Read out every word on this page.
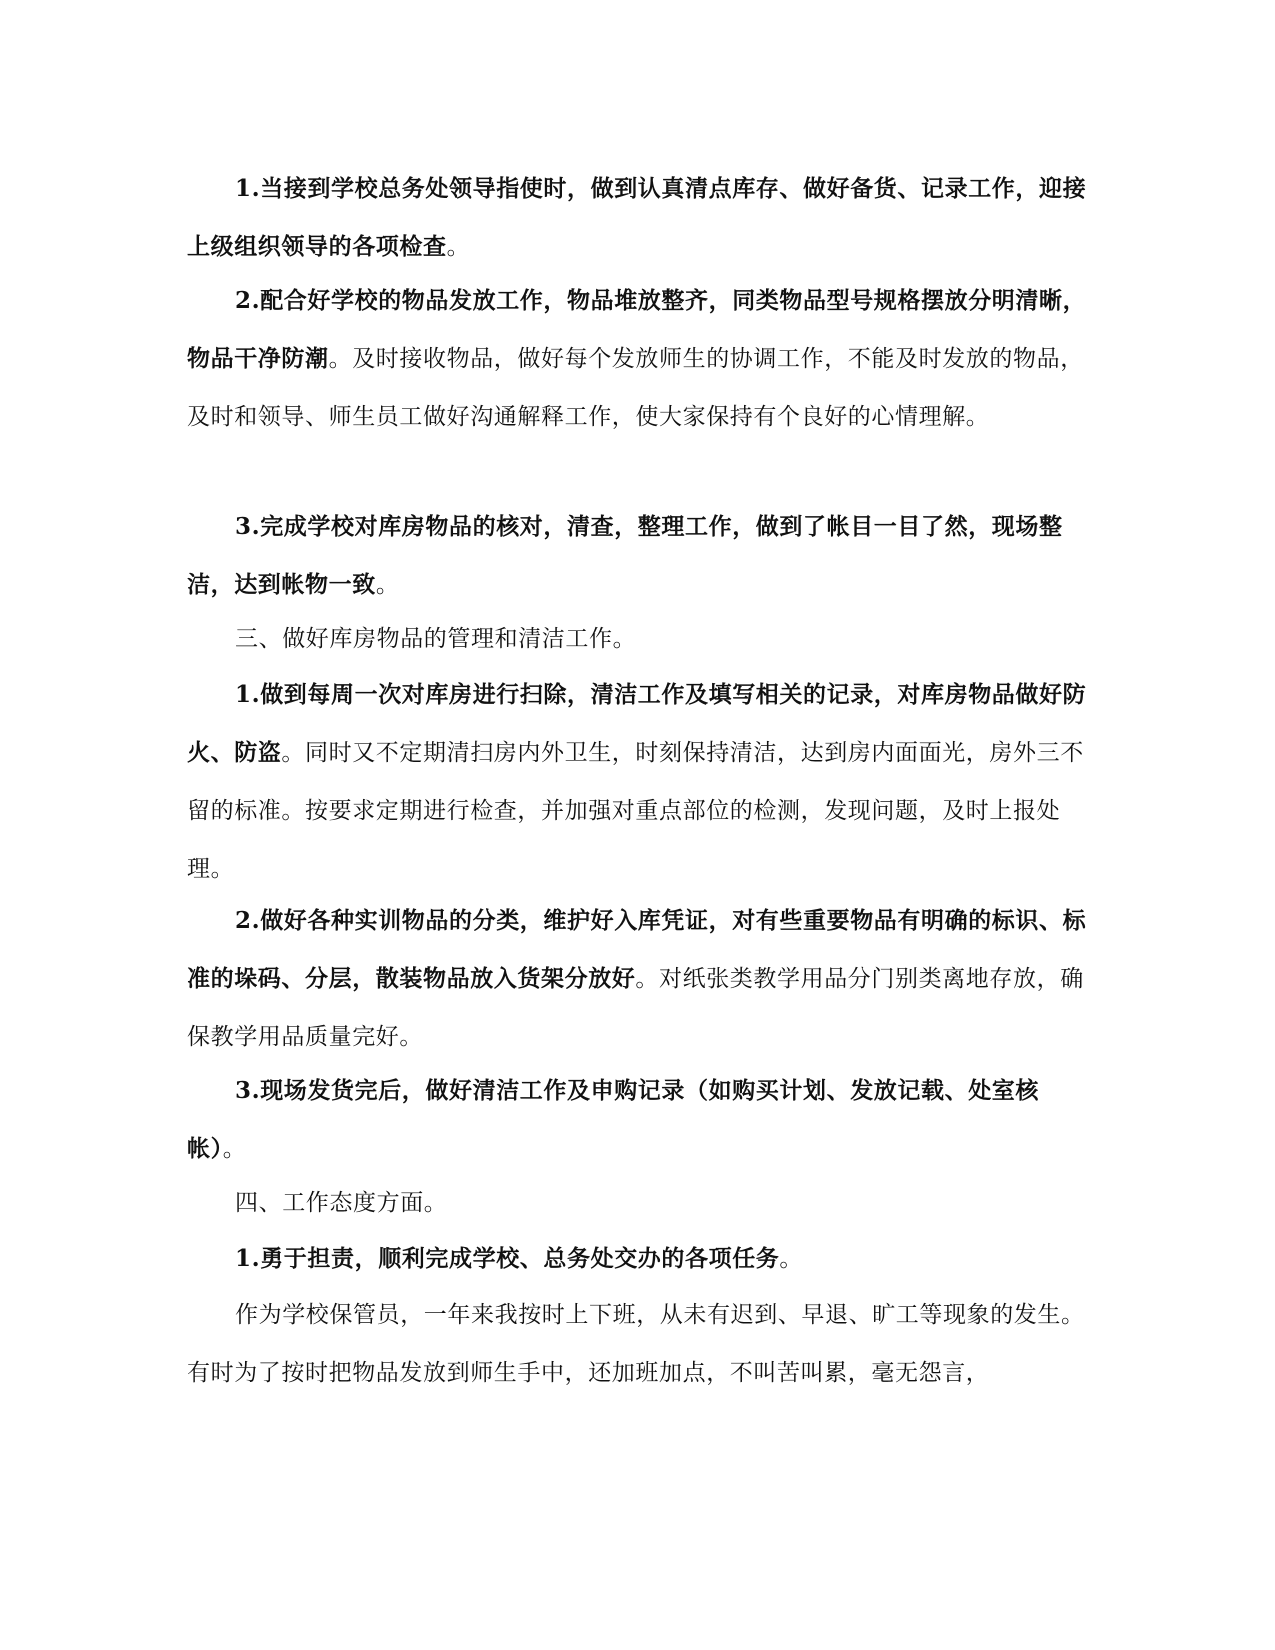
1.当接到学校总务处领导指使时，做到认真清点库存、做好备货、记录工作，迎接上级组织领导的各项检查。

2.配合好学校的物品发放工作，物品堆放整齐，同类物品型号规格摆放分明清晰，物品干净防潮。及时接收物品，做好每个发放师生的协调工作，不能及时发放的物品，及时和领导、师生员工做好沟通解释工作，使大家保持有个良好的心情理解。

3.完成学校对库房物品的核对，清查，整理工作，做到了帐目一目了然，现场整洁，达到帐物一致。

三、做好库房物品的管理和清洁工作。

1.做到每周一次对库房进行扫除，清洁工作及填写相关的记录，对库房物品做好防火、防盗。同时又不定期清扫房内外卫生，时刻保持清洁，达到房内面面光，房外三不留的标准。按要求定期进行检查，并加强对重点部位的检测，发现问题，及时上报处理。

2.做好各种实训物品的分类，维护好入库凭证，对有些重要物品有明确的标识、标准的垛码、分层，散装物品放入货架分放好。对纸张类教学用品分门别类离地存放，确保教学用品质量完好。

3.现场发货完后，做好清洁工作及申购记录（如购买计划、发放记载、处室核帐）。

四、工作态度方面。

1.勇于担责，顺利完成学校、总务处交办的各项任务。

作为学校保管员，一年来我按时上下班，从未有迟到、早退、旷工等现象的发生。有时为了按时把物品发放到师生手中，还加班加点，不叫苦叫累，毫无怨言，
